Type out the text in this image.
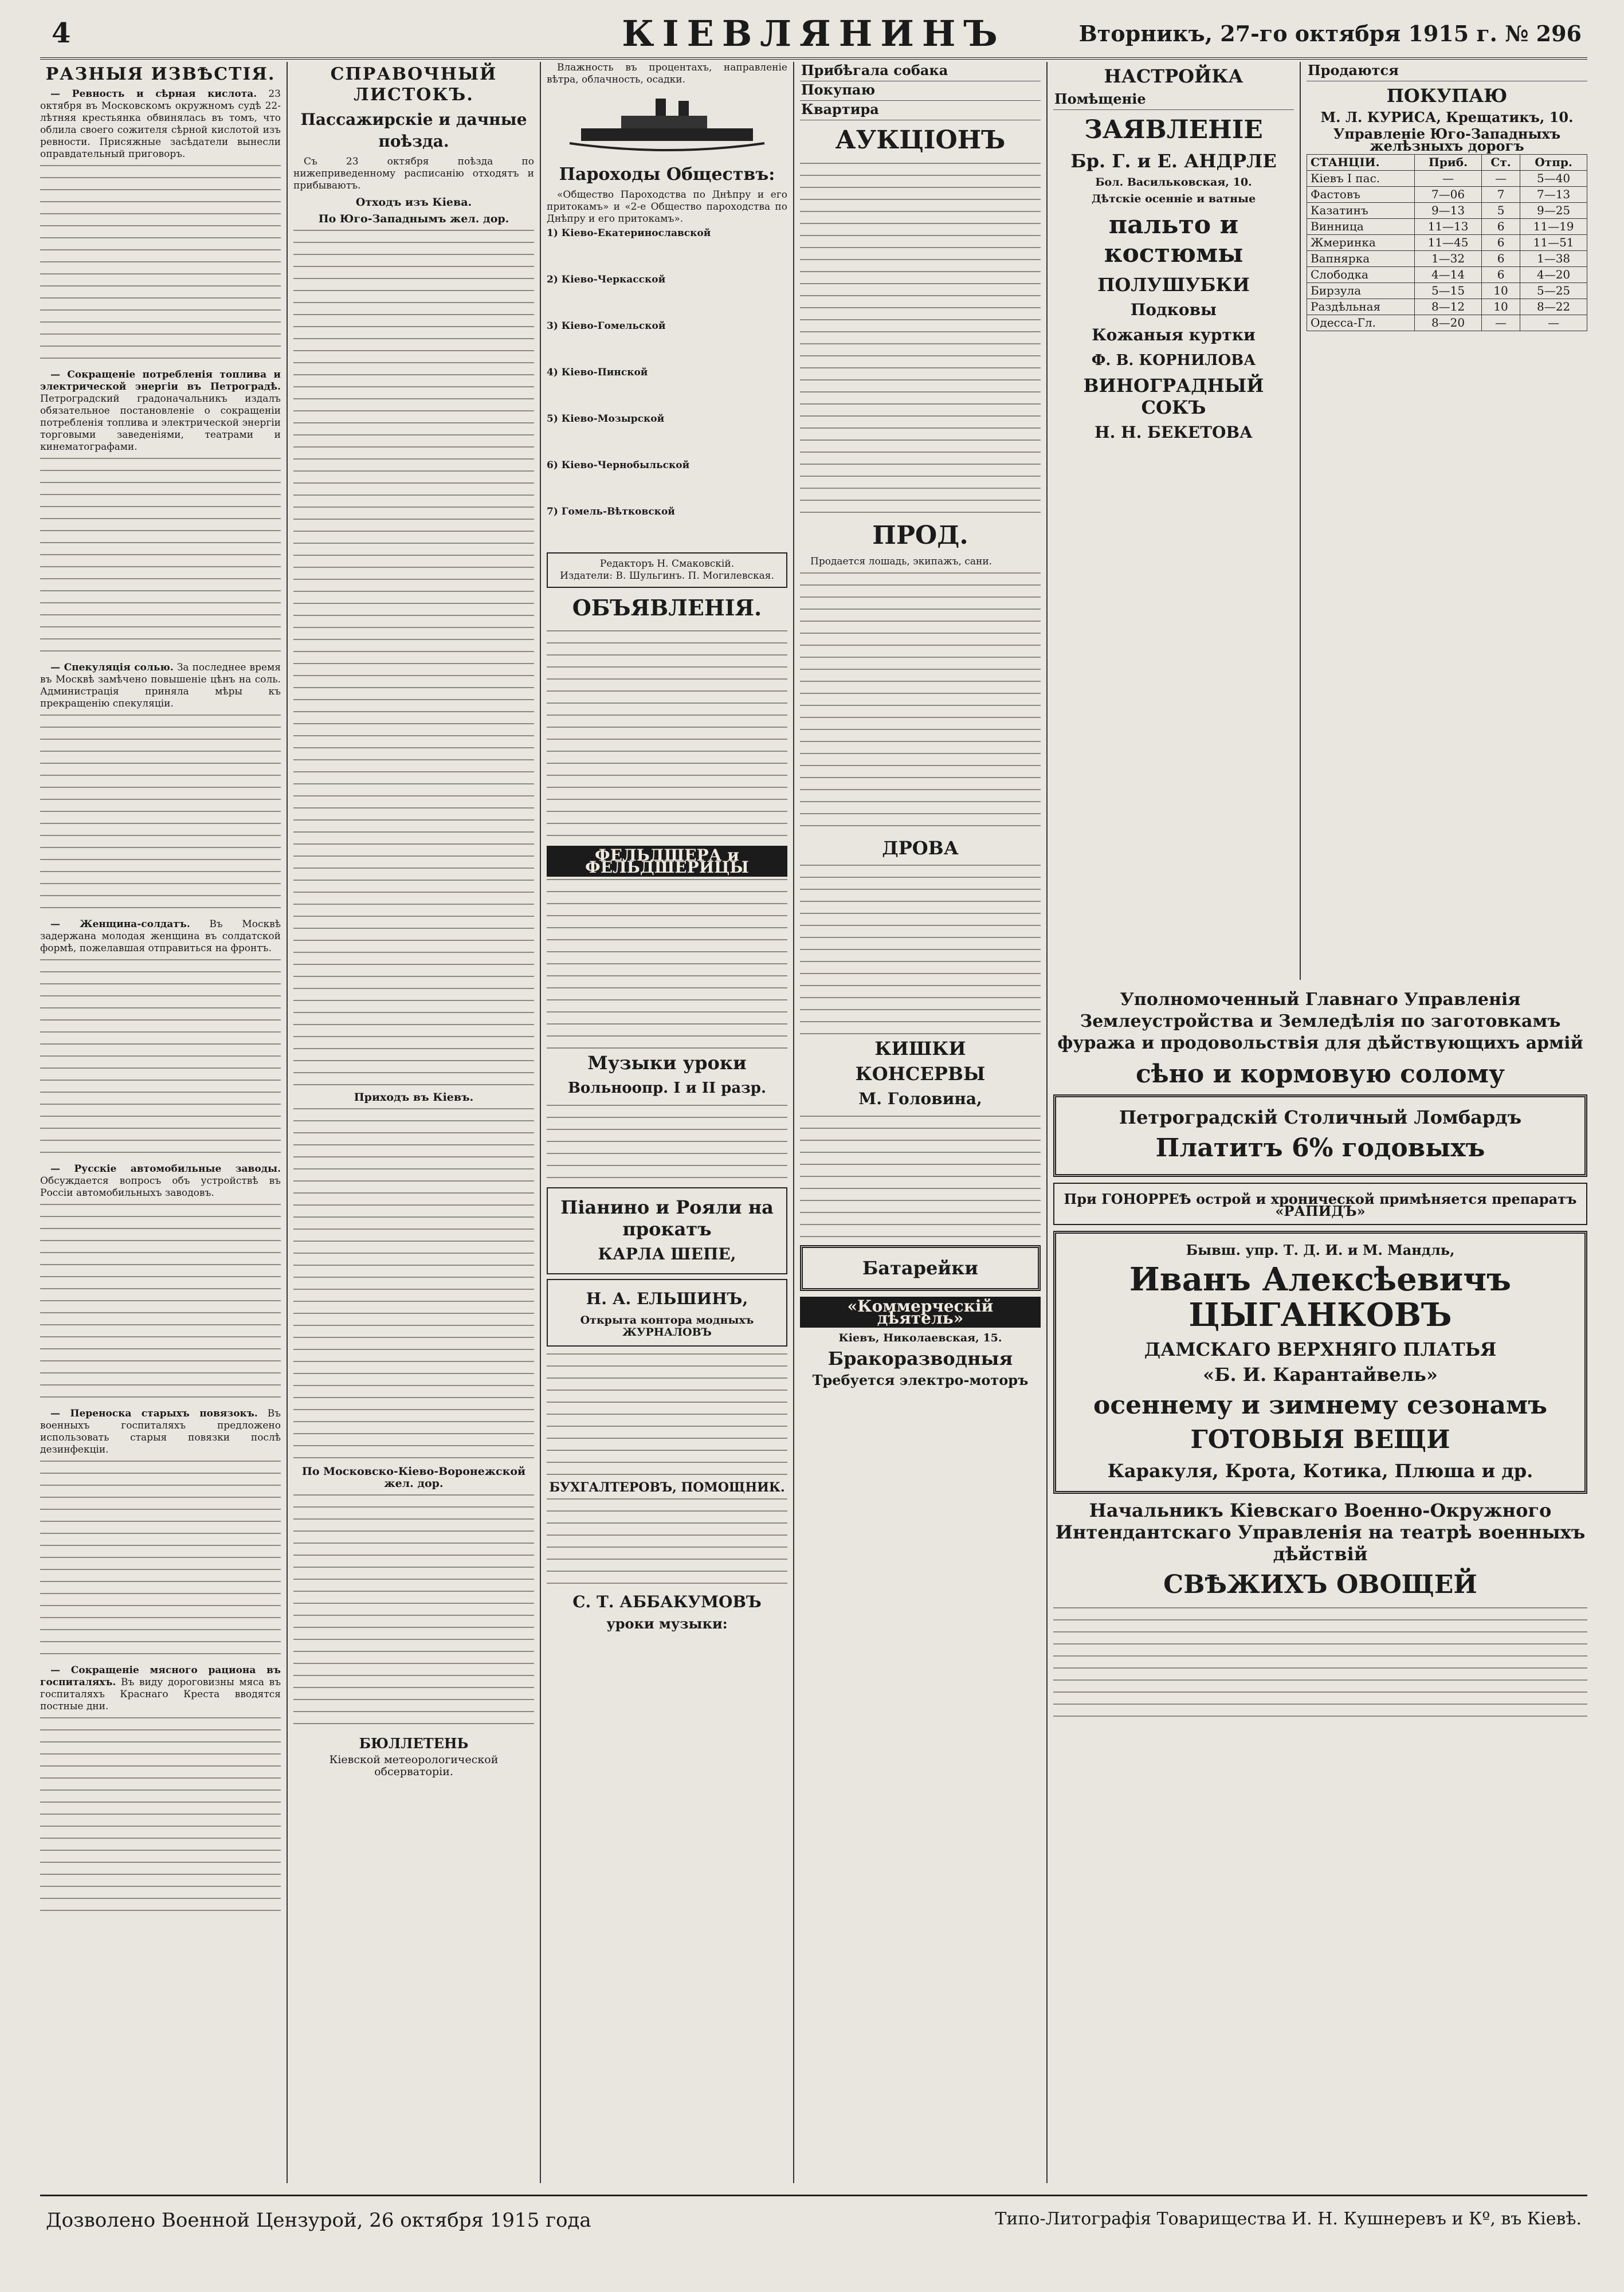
4	КІЕВЛЯНИНЪ	Вторникъ, 27-го октября 1915 г. № 296
РАЗНЫЯ ИЗВѢСТІЯ.

— Ревность и сѣрная кислота. 23 октября въ Московскомъ окружномъ судѣ 22-лѣтняя крестьянка обвинялась въ томъ, что облила своего сожителя сѣрной кислотой изъ ревности. Присяжные засѣдатели вынесли оправдательный приговоръ.

— Сокращеніе потребленія топлива и электрической энергіи въ Петроградѣ. Петроградский градоначальникъ издалъ обязательное постановленіе о сокращеніи потребленія топлива и электрической энергіи торговыми заведеніями, театрами и кинематографами.

— Спекуляція солью. За последнее время въ Москвѣ замѣчено повышеніе цѣнъ на соль. Администрація приняла мѣры къ прекращенію спекуляціи.

— Женщина-солдатъ. Въ Москвѣ задержана молодая женщина въ солдатской формѣ, пожелавшая отправиться на фронтъ.

— Русскіе автомобильные заводы. Обсуждается вопросъ объ устройствѣ въ Россіи автомобильныхъ заводовъ.

— Переноска старыхъ повязокъ. Въ военныхъ госпиталяхъ предложено использовать старыя повязки послѣ дезинфекціи.

— Сокращеніе мясного рациона въ госпиталяхъ. Въ виду дороговизны мяса въ госпиталяхъ Краснаго Креста вводятся постные дни.

СПРАВОЧНЫЙ ЛИСТОКЪ.
Пассажирскіе и дачные поѣзда.

Съ 23 октября поѣзда по нижеприведенному расписанію отходятъ и прибываютъ.

Отходъ изъ Кіева.
По Юго-Западнымъ жел. дор.
Приходъ въ Кіевъ.
По Московско-Кіево-Воронежской жел. дор.
БЮЛЛЕТЕНЬ
Кіевской метеорологической обсерваторіи.

Влажность въ процентахъ, направленіе вѣтра, облачность, осадки.

Пароходы Обществъ:

«Общество Пароходства по Днѣпру и его притокамъ» и «2-е Общество пароходства по Днѣпру и его притокамъ».

1) Кіево-Екатеринославской
2) Кіево-Черкасской
3) Кіево-Гомельской
4) Кіево-Пинской
5) Кіево-Мозырской
6) Кіево-Чернобыльской
7) Гомель-Вѣтковской
Редакторъ Н. Смаковскій.
Издатели: В. Шульгинъ. П. Могилевская.
ОБЪЯВЛЕНІЯ.
ФЕЛЬДШЕРА и ФЕЛЬДШЕРИЦЫ
Музыки уроки
Вольноопр. I и II разр.
Піанино и Рояли на прокатъ
КАРЛА ШЕПЕ,
Н. А. ЕЛЬШИНЪ,
Открыта контора модныхъ ЖУРНАЛОВЪ
БУХГАЛТЕРОВЪ, ПОМОЩНИК.
С. Т. АББАКУМОВЪ
уроки музыки:
Прибѣгала собака
Покупаю
Квартира
АУКЦІОНЪ
ПРОД.

Продается лошадь, экипажъ, сани.

ДРОВА
КИШКИ
КОНСЕРВЫ
М. Головина,
Батарейки
«Коммерческій дѣятель»
Кіевъ, Николаевская, 15.
Бракоразводныя
Требуется электро-моторъ
НАСТРОЙКА
Помѣщеніе
ЗАЯВЛЕНІЕ
Бр. Г. и Е. АНДРЛЕ
Бол. Васильковская, 10.
Дѣтскіе осенніе и ватные
пальто и костюмы
ПОЛУШУБКИ
Подковы
Кожаныя куртки
Ф. В. КОРНИЛОВА
ВИНОГРАДНЫЙ СОКЪ
Н. Н. БЕКЕТОВА
Продаются
ПОКУПАЮ
М. Л. КУРИСА, Крещатикъ, 10.
Управленіе Юго-Западныхъ желѣзныхъ дорогъ
СТАНЦІИ.	Приб.	Ст.	Отпр.
Кіевъ I пас.	—	—	5—40
Фастовъ	7—06	7	7—13
Казатинъ	9—13	5	9—25
Винница	11—13	6	11—19
Жмеринка	11—45	6	11—51
Вапнярка	1—32	6	1—38
Слободка	4—14	6	4—20
Бирзула	5—15	10	5—25
Раздѣльная	8—12	10	8—22
Одесса-Гл.	8—20	—	—
Уполномоченный Главнаго Управленія Землеустройства и Земледѣлія по заготовкамъ фуража и продовольствія для дѣйствующихъ армій
сѣно и кормовую солому
Петроградскій Столичный Ломбардъ
Платитъ 6% годовыхъ
При ГОНОРРЕѢ острой и хронической примѣняется препаратъ «РАПИДЪ»
Бывш. упр. Т. Д. И. и М. Мандль,
Иванъ Алексѣевичъ ЦЫГАНКОВЪ
ДАМСКАГО ВЕРХНЯГО ПЛАТЬЯ
«Б. И. Карантайвель»
осеннему и зимнему сезонамъ
ГОТОВЫЯ ВЕЩИ
Каракуля, Крота, Котика, Плюша и др.
Начальникъ Кіевскаго Военно-Окружного Интендантскаго Управленія на театрѣ военныхъ дѣйствій
СВѢЖИХЪ ОВОЩЕЙ
Дозволено Военной Цензурой, 26 октября 1915 года	Типо-Литографія Товарищества И. Н. Кушнеревъ и Кº, въ Кіевѣ.
